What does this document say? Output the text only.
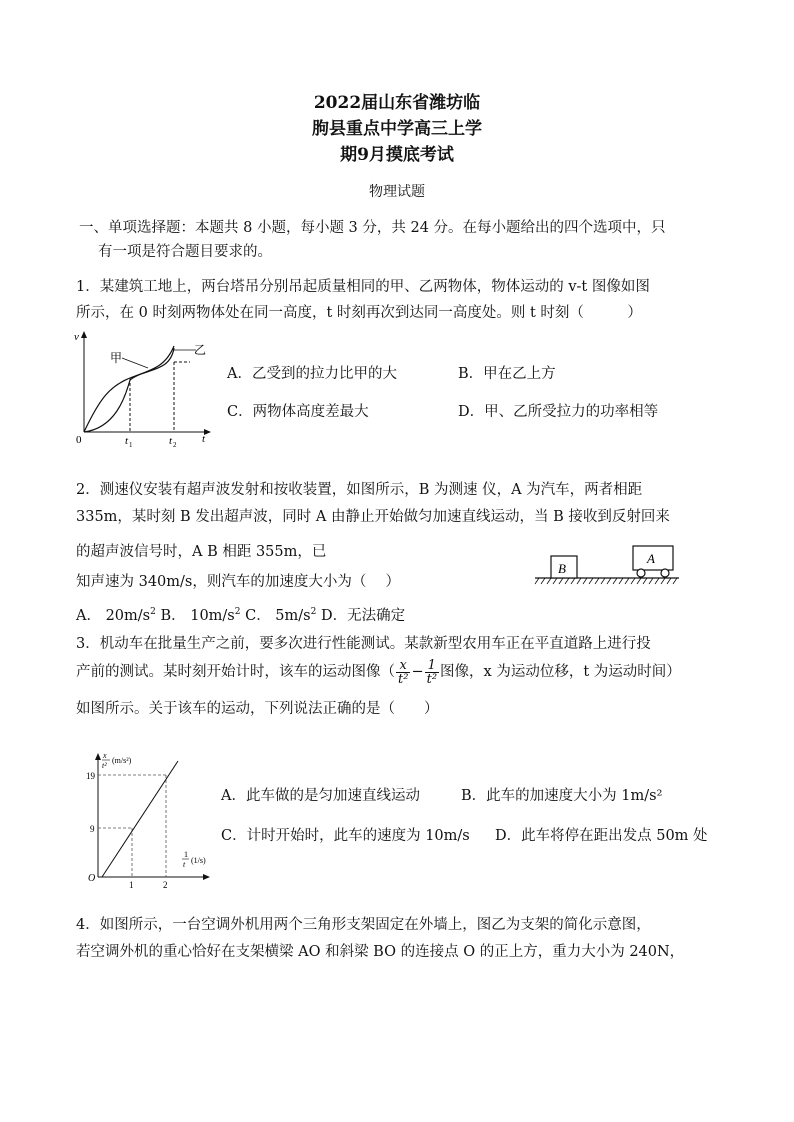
2022届山东省潍坊临
朐县重点中学高三上学
期9月摸底考试
物理试题
一、单项选择题：本题共 8 小题，每小题 3 分，共 24 分。在每小题给出的四个选项中，只
有一项是符合题目要求的。
1．某建筑工地上，两台塔吊分别吊起质量相同的甲、乙两物体，物体运动的 v-t 图像如图
所示，在 0 时刻两物体处在同一高度，t 时刻再次到达同一高度处。则 t 时刻（　　　）
v
t
0	t 1	t 2
甲
乙
A．乙受到的拉力比甲的大	B．甲在乙上方
C．两物体高度差最大	D．甲、乙所受拉力的功率相等
2．测速仪安装有超声波发射和按收装置，如图所示，B 为测速 仪，A 为汽车，两者相距
335m，某时刻 B 发出超声波，同时 A 由静止开始做匀加速直线运动，当 B 接收到反射回来
的超声波信号时，A B 相距 355m，已
知声速为 340m/s，则汽车的加速度大小为（　 ）
B
A
A． $20m/s^2$ B． $10m/s^2$ C． $5m/s^2$ D．无法确定
3．机动车在批量生产之前，要多次进行性能测试。某款新型农用车正在平直道路上进行投
产前的测试。某时刻开始计时，该车的运动图像（ $\frac{x}{\text{t²}} - \frac{1}{\text{t²}}$ 图像，x 为运动位移，t 为运动时间）
如图所示。关于该车的运动，下列说法正确的是（　　）
x
t²
(m/s²)
1
t (1/s)
19
9
O
1	2
A．此车做的是匀加速直线运动	B．此车的加速度大小为 1m/s²
C．计时开始时，此车的速度为 10m/s D．此车将停在距出发点 50m 处
4．如图所示，一台空调外机用两个三角形支架固定在外墙上，图乙为支架的简化示意图，
若空调外机的重心恰好在支架横梁 AO 和斜梁 BO 的连接点 O 的正上方，重力大小为 240N，
